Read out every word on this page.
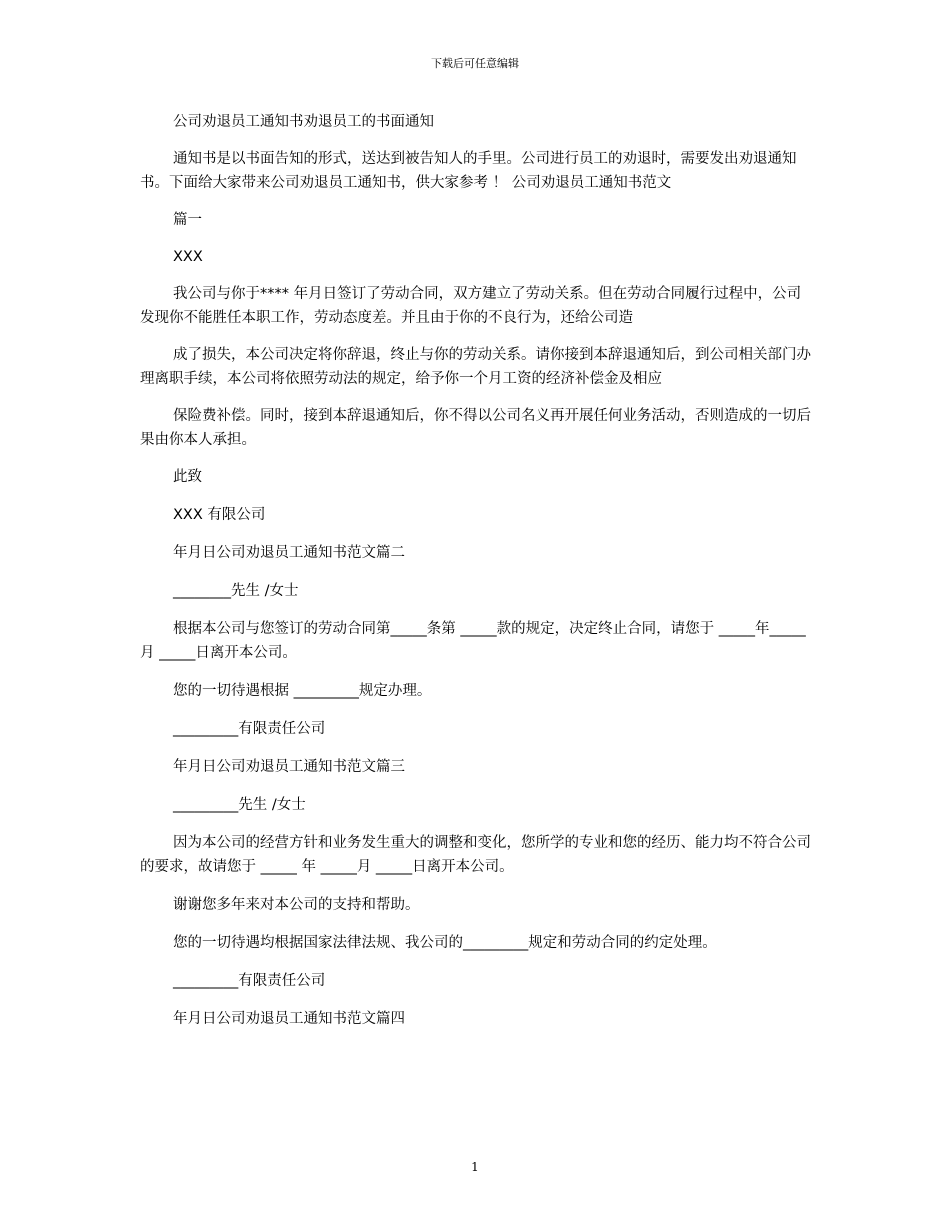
下载后可任意编辑

公司劝退员工通知书劝退员工的书面通知

通知书是以书面告知的形式，送达到被告知人的手里。公司进行员工的劝退时，需要发出劝退通知书。下面给大家带来公司劝退员工通知书，供大家参考 ！ 公司劝退员工通知书范文

篇一

XXX

我公司与你于**** 年月日签订了劳动合同，双方建立了劳动关系。但在劳动合同履行过程中，公司发现你不能胜任本职工作，劳动态度差。并且由于你的不良行为，还给公司造

成了损失，本公司决定将你辞退，终止与你的劳动关系。请你接到本辞退通知后，到公司相关部门办理离职手续，本公司将依照劳动法的规定，给予你一个月工资的经济补偿金及相应

保险费补偿。同时，接到本辞退通知后，你不得以公司名义再开展任何业务活动，否则造成的一切后果由你本人承担。

此致

XXX 有限公司

年月日公司劝退员工通知书范文篇二

________先生 /女士

根据本公司与您签订的劳动合同第_____条第 _____款的规定，决定终止合同，请您于 _____年_____ 月 _____日离开本公司。

您的一切待遇根据 _________规定办理。

_________有限责任公司

年月日公司劝退员工通知书范文篇三

_________先生 /女士

因为本公司的经营方针和业务发生重大的调整和变化，您所学的专业和您的经历、能力均不符合公司的要求，故请您于 _____ 年 _____月 _____日离开本公司。

谢谢您多年来对本公司的支持和帮助。

您的一切待遇均根据国家法律法规、我公司的_________规定和劳动合同的约定处理。

_________有限责任公司

年月日公司劝退员工通知书范文篇四

1
